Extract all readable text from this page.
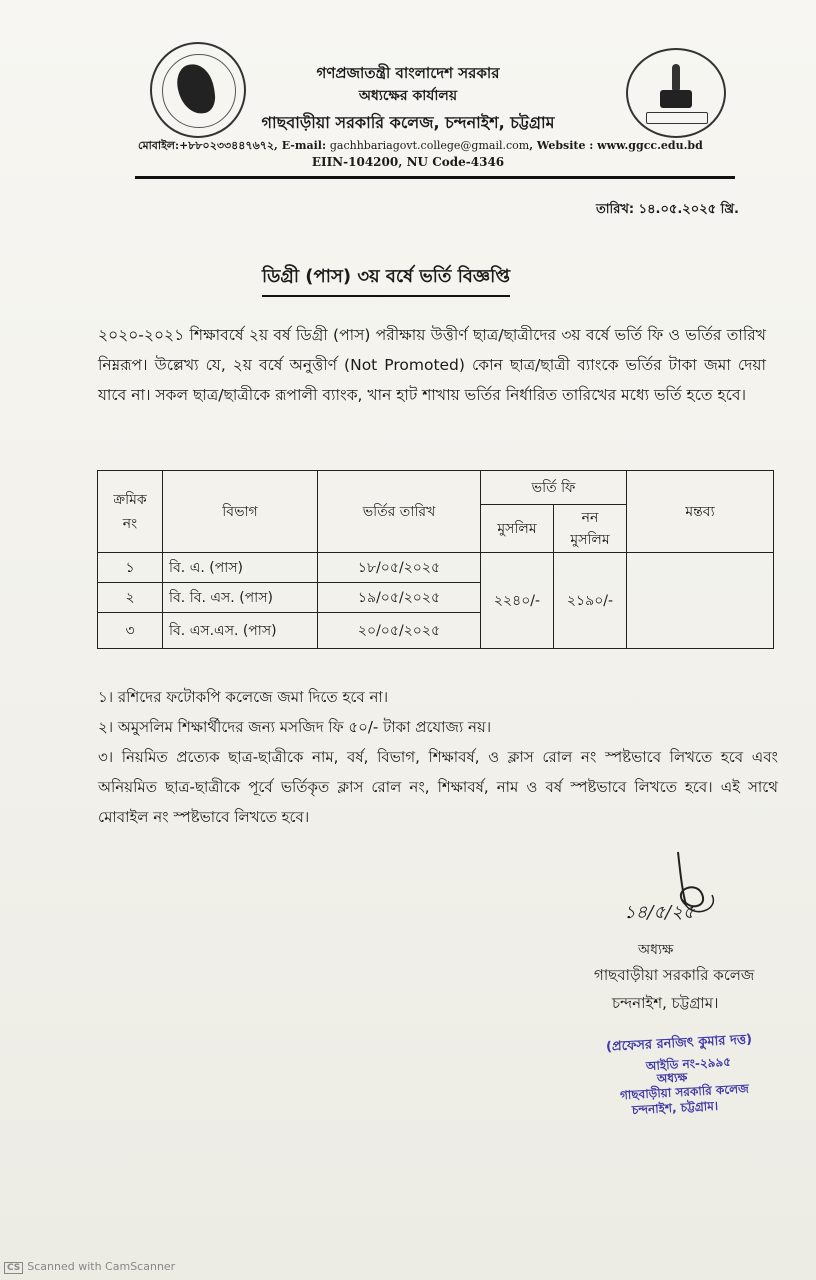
গণপ্রজাতন্ত্রী বাংলাদেশ সরকার
অধ্যক্ষের কার্যালয়
গাছবাড়ীয়া সরকারি কলেজ, চন্দনাইশ, চট্টগ্রাম
মোবাইল:+৮৮০২৩৩৪৪৭৬৭২, E-mail: gachhbariagovt.college@gmail.com, Website : www.ggcc.edu.bd
EIIN-104200, NU Code-4346
তারিখ: ১৪.০৫.২০২৫ খ্রি.
ডিগ্রী (পাস) ৩য় বর্ষে ভর্তি বিজ্ঞপ্তি
২০২০-২০২১ শিক্ষাবর্ষে ২য় বর্ষ ডিগ্রী (পাস) পরীক্ষায় উত্তীর্ণ ছাত্র/ছাত্রীদের ৩য় বর্ষে ভর্তি ফি ও ভর্তির তারিখ নিম্নরূপ। উল্লেখ্য যে, ২য় বর্ষে অনুত্তীর্ণ (Not Promoted) কোন ছাত্র/ছাত্রী ব্যাংকে ভর্তির টাকা জমা দেয়া যাবে না। সকল ছাত্র/ছাত্রীকে রূপালী ব্যাংক, খান হাট শাখায় ভর্তির নির্ধারিত তারিখের মধ্যে ভর্তি হতে হবে।
ক্রমিক
নং	বিভাগ	ভর্তির তারিখ	ভর্তি ফি		মন্তব্য
			মুসলিম	নন
মুসলিম	
১	বি. এ. (পাস)	১৮/০৫/২০২৫	২২৪০/-	২১৯০/-	
২	বি. বি. এস. (পাস)	১৯/০৫/২০২৫			
৩	বি. এস.এস. (পাস)	২০/০৫/২০২৫			
১। রশিদের ফটোকপি কলেজে জমা দিতে হবে না।
২। অমুসলিম শিক্ষার্থীদের জন্য মসজিদ ফি ৫০/- টাকা প্রযোজ্য নয়।
৩। নিয়মিত প্রত্যেক ছাত্র-ছাত্রীকে নাম, বর্ষ, বিভাগ, শিক্ষাবর্ষ, ও ক্লাস রোল নং স্পষ্টভাবে লিখতে হবে এবং অনিয়মিত ছাত্র-ছাত্রীকে পূর্বে ভর্তিকৃত ক্লাস রোল নং, শিক্ষাবর্ষ, নাম ও বর্ষ স্পষ্টভাবে লিখতে হবে। এই সাথে মোবাইল নং স্পষ্টভাবে লিখতে হবে।
১৪/৫/২৫
অধ্যক্ষ
গাছবাড়ীয়া সরকারি কলেজ
চন্দনাইশ, চট্টগ্রাম।
(প্রফেসর রনজিৎ কুমার দত্ত)
আইডি নং-২৯৯৫
অধ্যক্ষ
গাছবাড়ীয়া সরকারি কলেজ
চন্দনাইশ, চট্টগ্রাম।
CS Scanned with CamScanner
